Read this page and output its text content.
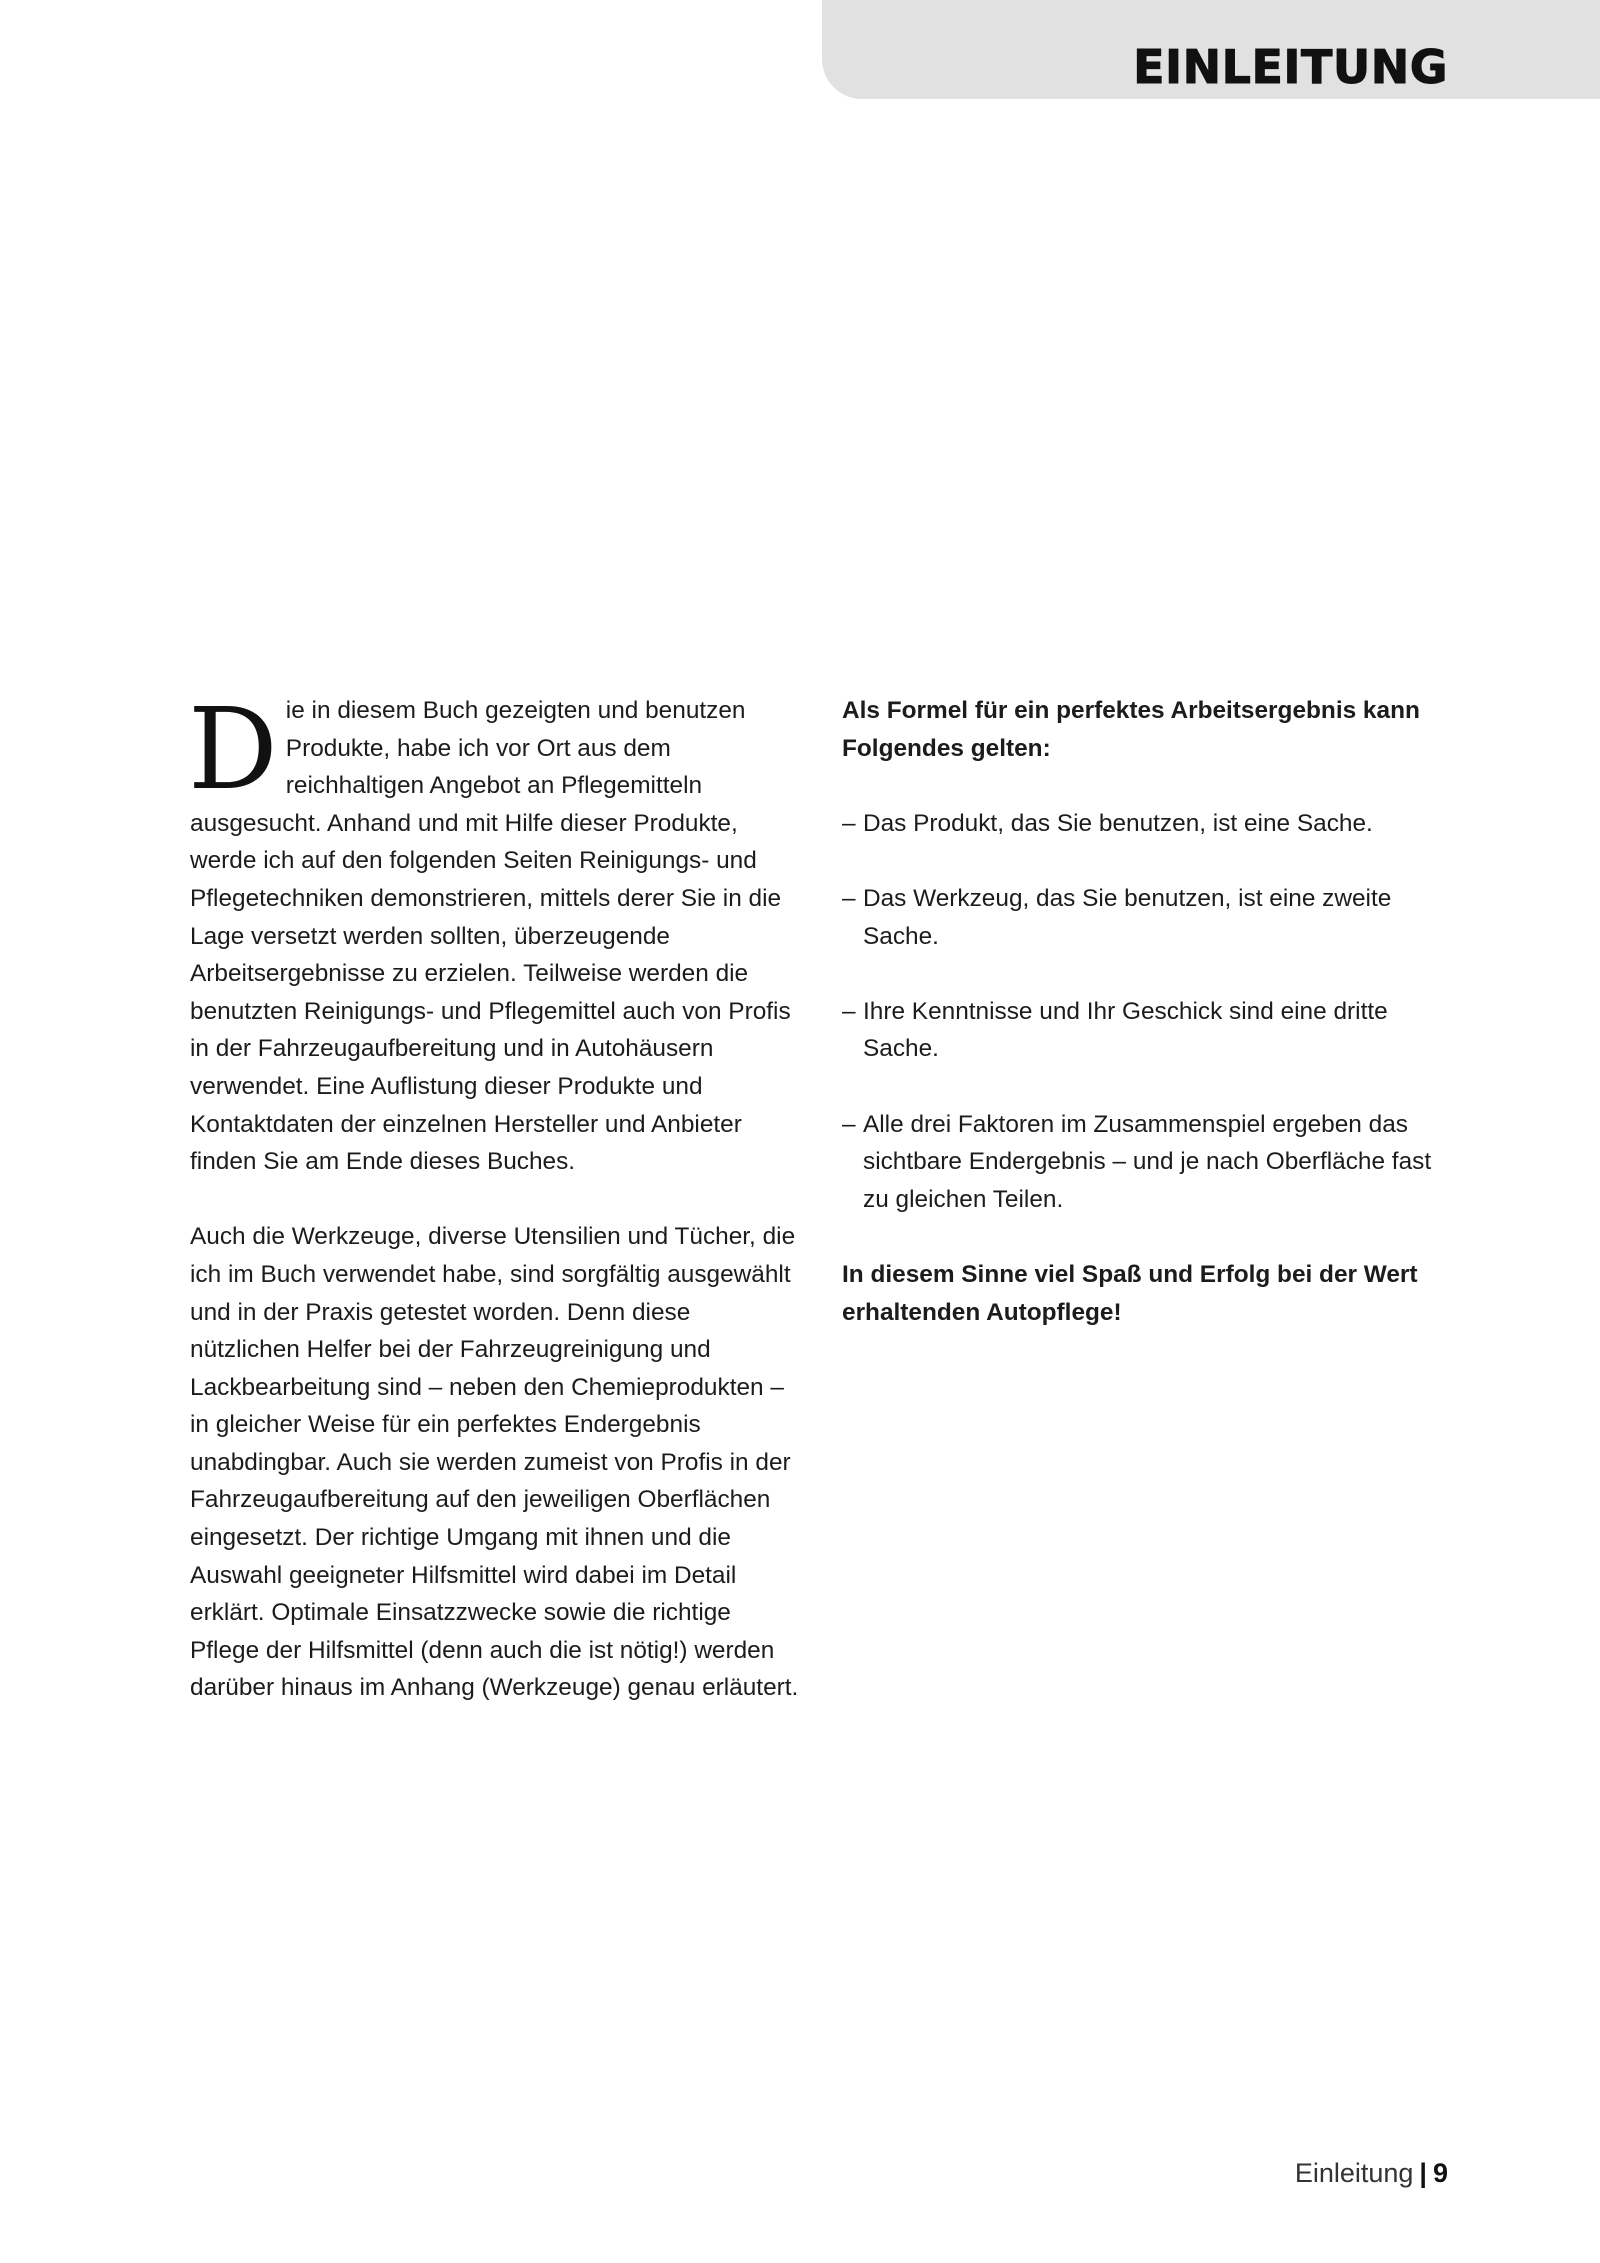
EINLEITUNG

D ie in diesem Buch gezeigten und benutzen Produkte, habe ich vor Ort aus dem reichhaltigen Angebot an Pflegemitteln ausgesucht. Anhand und mit Hilfe dieser Produkte, werde ich auf den folgenden Seiten Reinigungs- und Pflegetechniken demonstrieren, mittels derer Sie in die Lage versetzt werden sollten, überzeugende Arbeitsergebnisse zu erzielen. Teilweise werden die benutzten Reinigungs- und Pflegemittel auch von Profis in der Fahrzeugaufbereitung und in Autohäusern verwendet. Eine Auflistung dieser Produkte und Kontaktdaten der einzelnen Hersteller und Anbieter finden Sie am Ende dieses Buches.

Auch die Werkzeuge, diverse Utensilien und Tücher, die ich im Buch verwendet habe, sind sorgfältig ausgewählt und in der Praxis getestet worden. Denn diese nützlichen Helfer bei der Fahrzeugreinigung und Lackbearbeitung sind – neben den Chemieprodukten – in gleicher Weise für ein perfektes Endergebnis unabdingbar. Auch sie werden zumeist von Profis in der Fahrzeugaufbereitung auf den jeweiligen Oberflächen eingesetzt. Der richtige Umgang mit ihnen und die Auswahl geeigneter Hilfsmittel wird dabei im Detail erklärt. Optimale Einsatzzwecke sowie die richtige Pflege der Hilfsmittel (denn auch die ist nötig!) werden darüber hinaus im Anhang (Werkzeuge) genau erläutert.

Als Formel für ein perfektes Arbeitsergebnis kann Folgendes gelten:

– Das Produkt, das Sie benutzen, ist eine Sache.
– Das Werkzeug, das Sie benutzen, ist eine zweite Sache.
– Ihre Kenntnisse und Ihr Geschick sind eine dritte Sache.
– Alle drei Faktoren im Zusammenspiel ergeben das sichtbare Endergebnis – und je nach Oberfläche fast zu gleichen Teilen.

In diesem Sinne viel Spaß und Erfolg bei der Wert erhaltenden Autopflege!

Einleitung | 9
